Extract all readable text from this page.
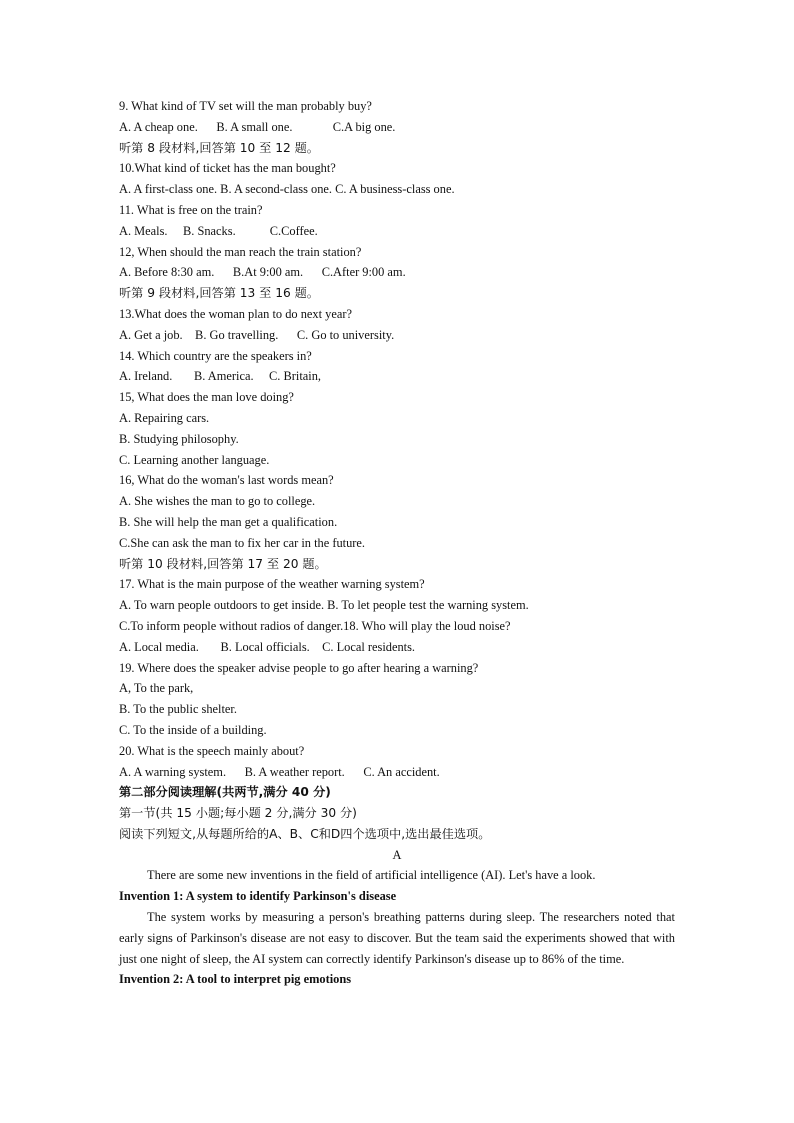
9. What kind of TV set will the man probably buy?
A. A cheap one.      B. A small one.             C.A big one.
听第 8 段材料,回答第 10 至 12 题。
10.What kind of ticket has the man bought?
A. A first-class one. B. A second-class one. C. A business-class one.
11. What is free on the train?
A. Meals.     B. Snacks.           C.Coffee.
12, When should the man reach the train station?
A. Before 8:30 am.      B.At 9:00 am.      C.After 9:00 am.
听第 9 段材料,回答第 13 至 16 题。
13.What does the woman plan to do next year?
A. Get a job.    B. Go travelling.      C. Go to university.
14. Which country are the speakers in?
A. Ireland.       B. America.     C. Britain,
15, What does the man love doing?
A. Repairing cars.
B. Studying philosophy.
C. Learning another language.
16, What do the woman's last words mean?
A. She wishes the man to go to college.
B. She will help the man get a qualification.
C.She can ask the man to fix her car in the future.
听第 10 段材料,回答第 17 至 20 题。
17. What is the main purpose of the weather warning system?
A. To warn people outdoors to get inside. B. To let people test the warning system.
C.To inform people without radios of danger.18. Who will play the loud noise?
A. Local media.       B. Local officials.    C. Local residents.
19. Where does the speaker advise people to go after hearing a warning?
A, To the park,
B. To the public shelter.
C. To the inside of a building.
20. What is the speech mainly about?
A. A warning system.      B. A weather report.      C. An accident.
第二部分阅读理解(共两节,满分 40 分)
第一节(共 15 小题;每小题 2 分,满分 30 分)
阅读下列短文,从每题所给的A、B、C和D四个选项中,选出最佳选项。
A
There are some new inventions in the field of artificial intelligence (AI). Let's have a look.
Invention 1: A system to identify Parkinson's disease
The system works by measuring a person's breathing patterns during sleep. The researchers noted that early signs of Parkinson's disease are not easy to discover. But the team said the experiments showed that with just one night of sleep, the AI system can correctly identify Parkinson's disease up to 86% of the time.
Invention 2: A tool to interpret pig emotions
